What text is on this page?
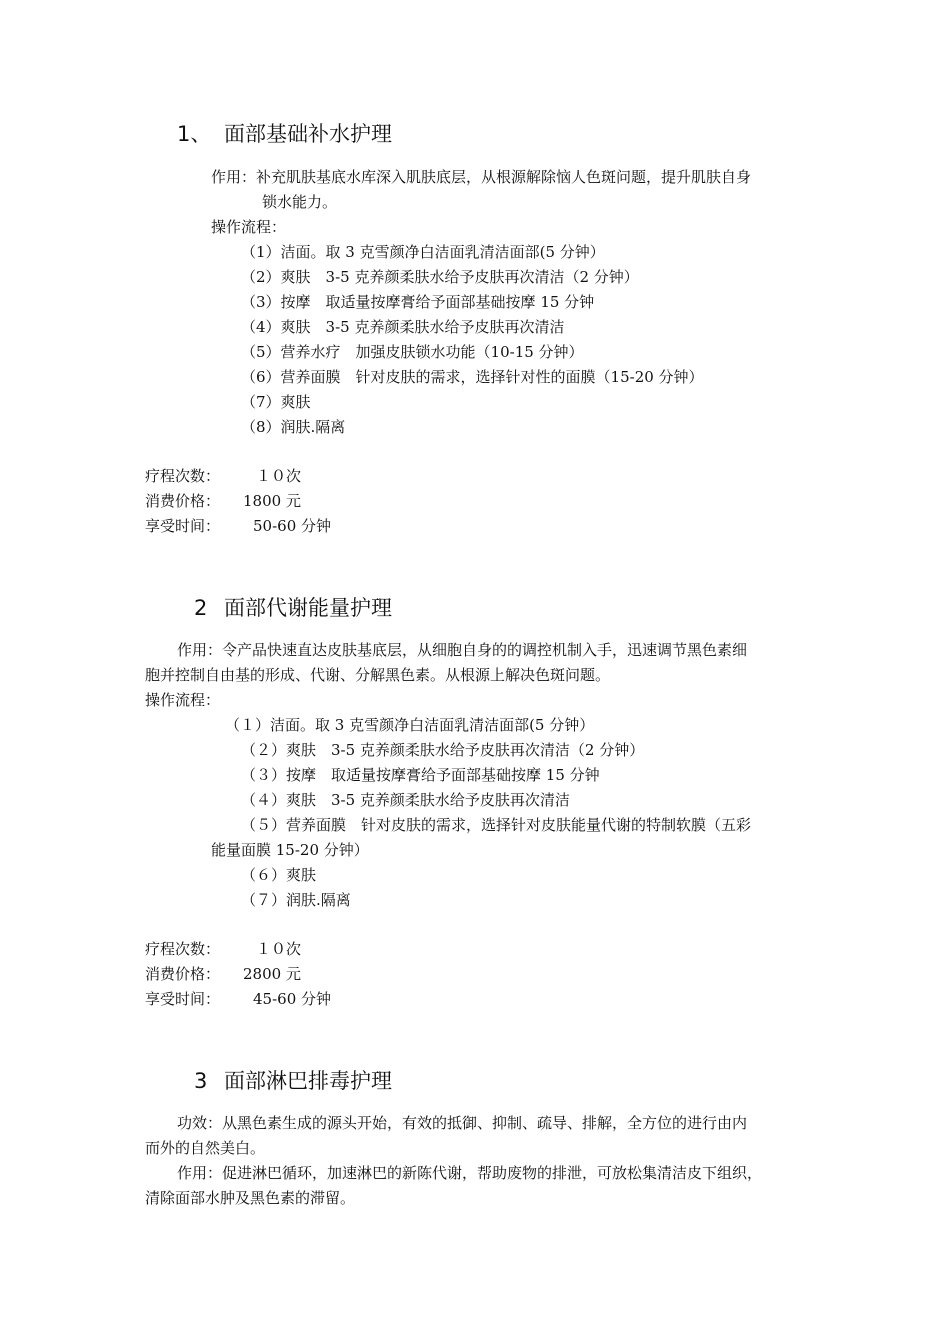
1、 面部基础补水护理
作用：补充肌肤基底水库深入肌肤底层，从根源解除恼人色斑问题，提升肌肤自身
锁水能力。
操作流程：
（1）洁面。取 3 克雪颜净白洁面乳清洁面部(5 分钟）
（2）爽肤　3-5 克养颜柔肤水给予皮肤再次清洁（2 分钟）
（3）按摩　取适量按摩膏给予面部基础按摩 15 分钟
（4）爽肤　3-5 克养颜柔肤水给予皮肤再次清洁
（5）营养水疗　加强皮肤锁水功能（10-15 分钟）
（6）营养面膜　针对皮肤的需求，选择针对性的面膜（15-20 分钟）
（7）爽肤
（8）润肤.隔离
疗程次数： １０次
消费价格： 1800 元
享受时间： 50-60 分钟
2 面部代谢能量护理
作用：令产品快速直达皮肤基底层，从细胞自身的的调控机制入手，迅速调节黑色素细
胞并控制自由基的形成、代谢、分解黑色素。从根源上解决色斑问题。
操作流程：
（１）洁面。取 3 克雪颜净白洁面乳清洁面部(5 分钟）
（２）爽肤　3-5 克养颜柔肤水给予皮肤再次清洁（2 分钟）
（３）按摩　取适量按摩膏给予面部基础按摩 15 分钟
（４）爽肤　3-5 克养颜柔肤水给予皮肤再次清洁
（５）营养面膜　针对皮肤的需求，选择针对皮肤能量代谢的特制软膜（五彩
能量面膜 15-20 分钟）
（６）爽肤
（７）润肤.隔离
疗程次数： １０次
消费价格： 2800 元
享受时间： 45-60 分钟
3 面部淋巴排毒护理
功效：从黑色素生成的源头开始，有效的抵御、抑制、疏导、排解，全方位的进行由内
而外的自然美白。
作用：促进淋巴循环，加速淋巴的新陈代谢，帮助废物的排泄，可放松集清洁皮下组织，
清除面部水肿及黑色素的滞留。
